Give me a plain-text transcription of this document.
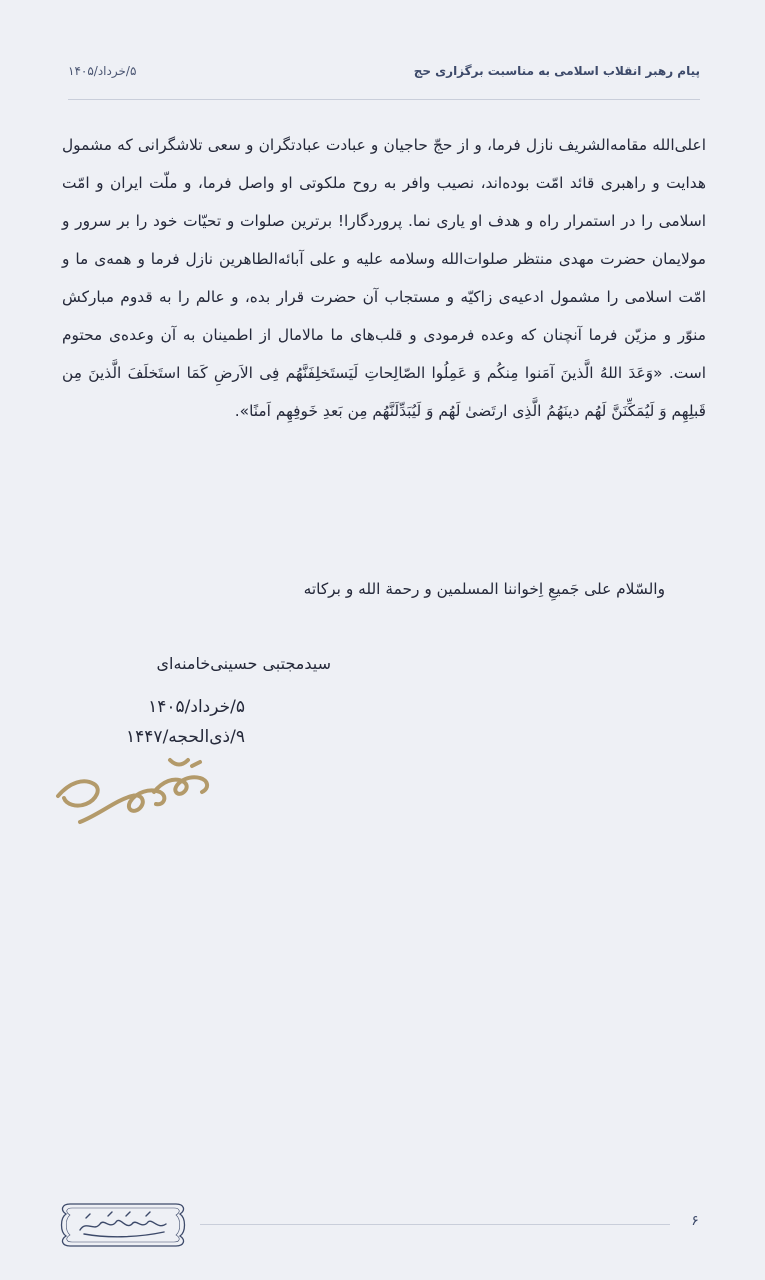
پیام رهبر انقلاب اسلامی به مناسبت برگزاری حج
۵/خرداد/۱۴۰۵

اعلی‌الله مقامه‌الشریف نازل فرما، و از حجّ حاجیان و عبادت عبادتگران و سعی تلاشگرانی که مشمول هدایت و راهبری قائد امّت بوده‌اند، نصیب وافر به روح ملکوتی او واصل فرما، و ملّت ایران و امّت اسلامی را در استمرار راه و هدف او یاری نما. پروردگارا! برترین صلوات و تحیّات خود را بر سرور و مولایمان حضرت مهدی منتظر صلوات‌الله وسلامه علیه و علی آبائه‌الطاهرین نازل فرما و همه‌ی ما و امّت اسلامی را مشمول ادعیه‌ی زاکیّه و مستجاب آن حضرت قرار بده، و عالم را به قدوم مبارکش منوّر و مزیّن فرما آنچنان که وعده فرمودی و قلب‌های ما مالامال از اطمینان به آن وعده‌ی محتوم است. «وَعَدَ اللهُ الَّذینَ آمَنوا مِنکُم وَ عَمِلُوا الصّالِحاتِ لَیَستَخلِفَنَّهُم فِی الاَرضِ کَمَا استَخلَفَ الَّذینَ مِن قَبلِهِم وَ لَیُمَکِّنَنَّ لَهُم دینَهُمُ الَّذِی ارتَضیٰ لَهُم وَ لَیُبَدِّلَنَّهُم مِن بَعدِ خَوفِهِم اَمنًا».

والسّلام علی جَمیعِ اِخواننا المسلمین و رحمة الله و برکاته

سیدمجتبی حسینی‌خامنه‌ای
۵/خرداد/۱۴۰۵
۹/ذی‌الحجه/۱۴۴۷
۶
